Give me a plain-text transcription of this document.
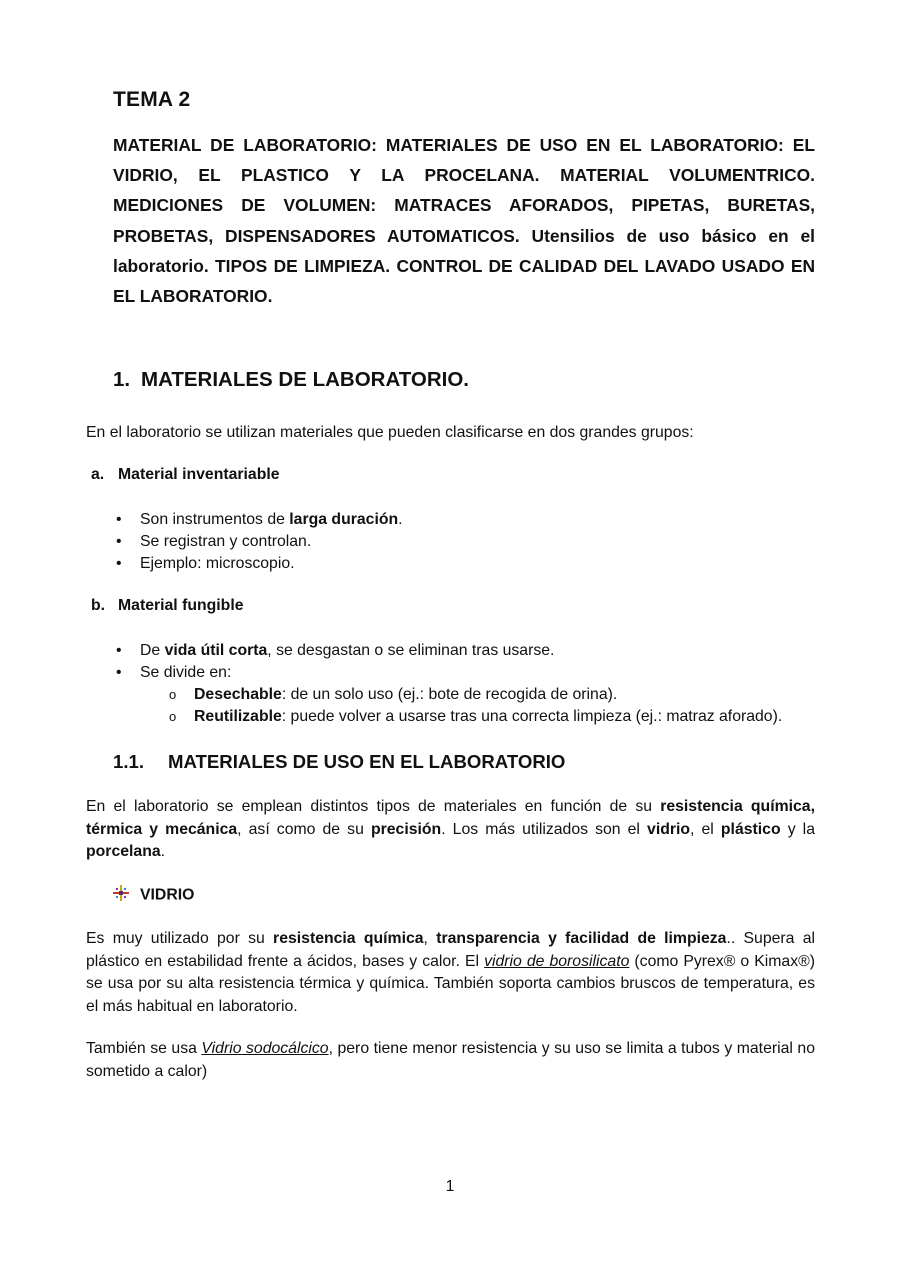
TEMA 2
MATERIAL DE LABORATORIO: MATERIALES DE USO EN EL LABORATORIO: EL VIDRIO, EL PLASTICO Y LA PROCELANA. MATERIAL VOLUMENTRICO. MEDICIONES DE VOLUMEN: MATRACES AFORADOS, PIPETAS, BURETAS, PROBETAS, DISPENSADORES AUTOMATICOS. Utensilios de uso básico en el laboratorio. TIPOS DE LIMPIEZA. CONTROL DE CALIDAD DEL LAVADO USADO EN EL LABORATORIO.
1. MATERIALES DE LABORATORIO.
En el laboratorio se utilizan materiales que pueden clasificarse en dos grandes grupos:
a. Material inventariable
• Son instrumentos de larga duración.
• Se registran y controlan.
• Ejemplo: microscopio.
b. Material fungible
• De vida útil corta, se desgastan o se eliminan tras usarse.
• Se divide en:
o Desechable: de un solo uso (ej.: bote de recogida de orina).
o Reutilizable: puede volver a usarse tras una correcta limpieza (ej.: matraz aforado).
1.1. MATERIALES DE USO EN EL LABORATORIO
En el laboratorio se emplean distintos tipos de materiales en función de su resistencia química, térmica y mecánica, así como de su precisión. Los más utilizados son el vidrio, el plástico y la porcelana.
VIDRIO
Es muy utilizado por su resistencia química, transparencia y facilidad de limpieza.. Supera al plástico en estabilidad frente a ácidos, bases y calor. El vidrio de borosilicato (como Pyrex® o Kimax®) se usa por su alta resistencia térmica y química. También soporta cambios bruscos de temperatura, es el más habitual en laboratorio.
También se usa Vidrio sodocálcico, pero tiene menor resistencia y su uso se limita a tubos y material no sometido a calor)
1
